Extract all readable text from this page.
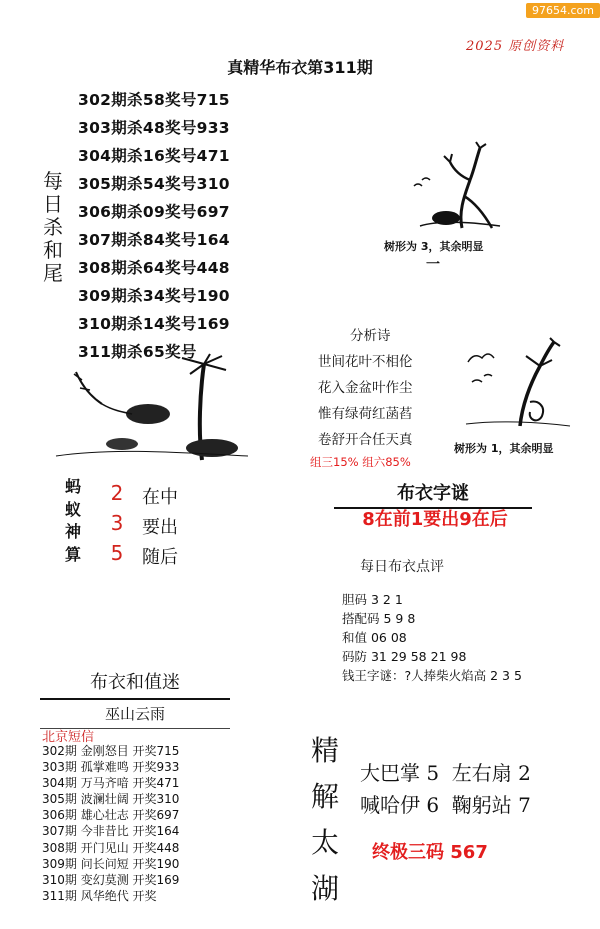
97654.com
2025 原创资料
真精华布衣第311期
每
日
杀
和
尾
302期杀58奖号715
303期杀48奖号933
304期杀16奖号471
305期杀54奖号310
306期杀09奖号697
307期杀84奖号164
308期杀64奖号448
309期杀34奖号190
310期杀14奖号169
311期杀65奖号
树形为 3，其余明显
一
分析诗
世间花叶不相伦
花入金盆叶作尘
惟有绿荷红菡萏
卷舒开合任天真
组三15% 组六85%
树形为 1，其余明显
蚂
蚁
神
算
2
3
5
在中
要出
随后
布衣字谜
8在前1要出9在后
每日布衣点评
胆码 3 2 1
搭配码 5 9 8
和值 06 08
码防 31 29 58 21 98
钱王字谜：?人捧柴火焰高 2 3 5
布衣和值迷
巫山云雨
北京短信
302期 金刚怒目 开奖715
303期 孤掌难鸣 开奖933
304期 万马齐喑 开奖471
305期 波澜壮阔 开奖310
306期 雄心壮志 开奖697
307期 今非昔比 开奖164
308期 开门见山 开奖448
309期 问长问短 开奖190
310期 变幻莫测 开奖169
311期 风华绝代 开奖
精
解
太
湖
大巴掌 5  左右扇 2
喊哈伊 6  鞠躬站 7
终极三码 567
